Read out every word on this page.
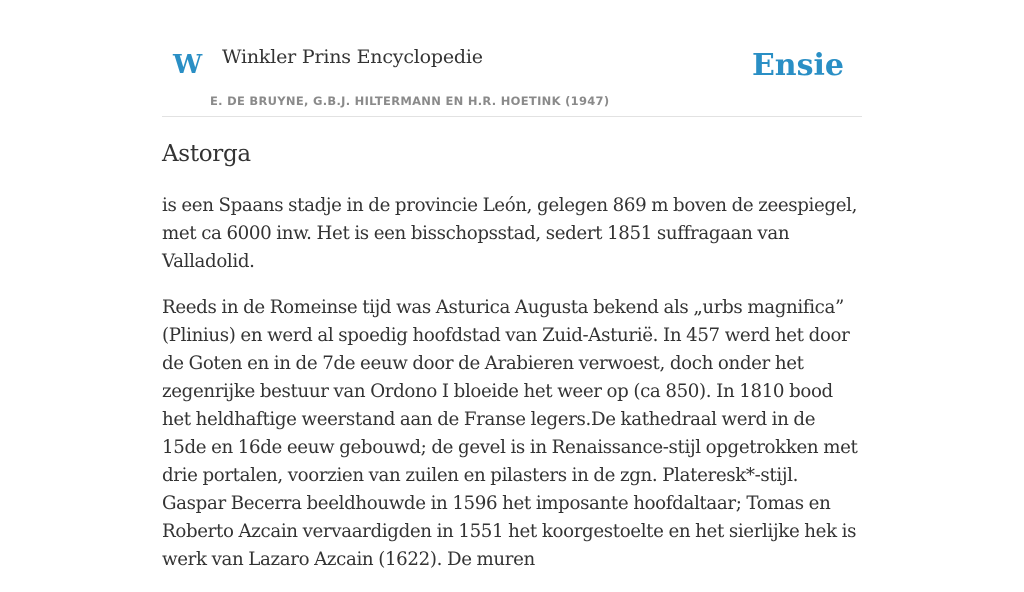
W Winkler Prins Encyclopedie
E. DE BRUYNE, G.B.J. HILTERMANN EN H.R. HOETINK (1947)
Ensie
Astorga

is een Spaans stadje in de provincie León, gelegen 869 m boven de zeespiegel, met ca 6000 inw. Het is een bisschopsstad, sedert 1851 suffragaan van Valladolid.

Reeds in de Romeinse tijd was Asturica Augusta bekend als „urbs magnifica” (Plinius) en werd al spoedig hoofdstad van Zuid-Asturië. In 457 werd het door de Goten en in de 7de eeuw door de Arabieren verwoest, doch onder het zegenrijke bestuur van Ordono I bloeide het weer op (ca 850). In 1810 bood het heldhaftige weerstand aan de Franse legers.De kathedraal werd in de 15de en 16de eeuw gebouwd; de gevel is in Renaissance-stijl opgetrokken met drie portalen, voorzien van zuilen en pilasters in de zgn. Plateresk*-stijl. Gaspar Becerra beeldhouwde in 1596 het imposante hoofdaltaar; Tomas en Roberto Azcain vervaardigden in 1551 het koorgestoelte en het sierlijke hek is werk van Lazaro Azcain (1622). De muren
